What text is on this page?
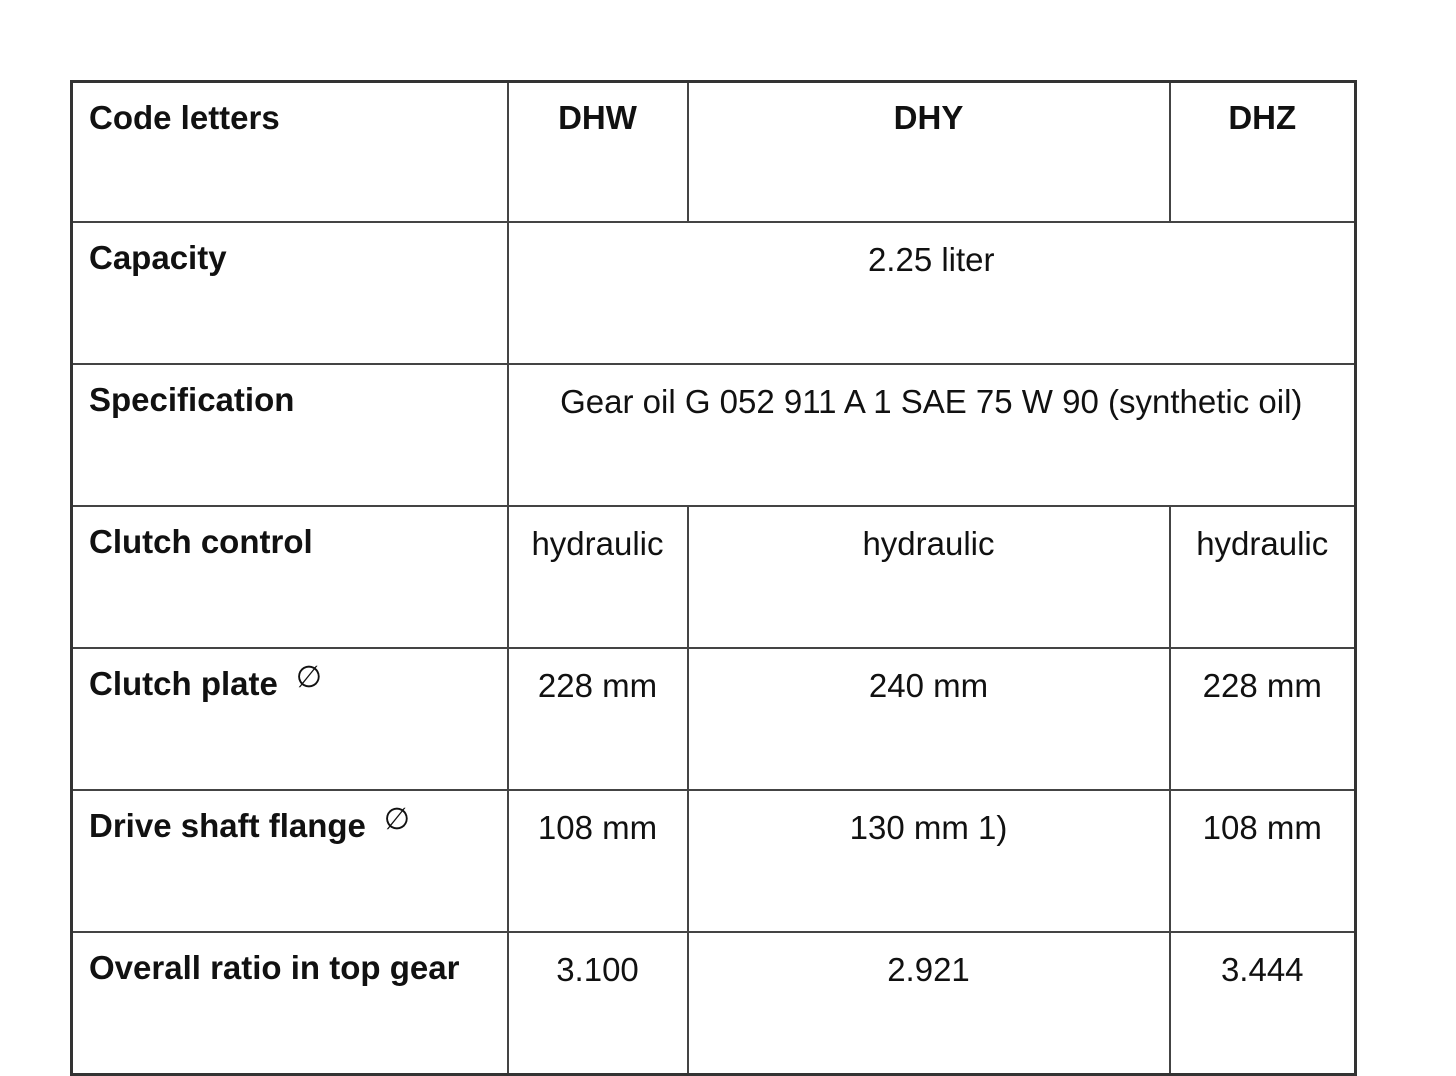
Code letters	DHW	DHY	DHZ
Capacity	2.25 liter		
Specification	Gear oil G 052 911 A 1 SAE 75 W 90 (synthetic oil)		
Clutch control	hydraulic	hydraulic	hydraulic
Clutch plate ∅	228 mm	240 mm	228 mm
Drive shaft flange ∅	108 mm	130 mm 1)	108 mm
Overall ratio in top gear	3.100	2.921	3.444
